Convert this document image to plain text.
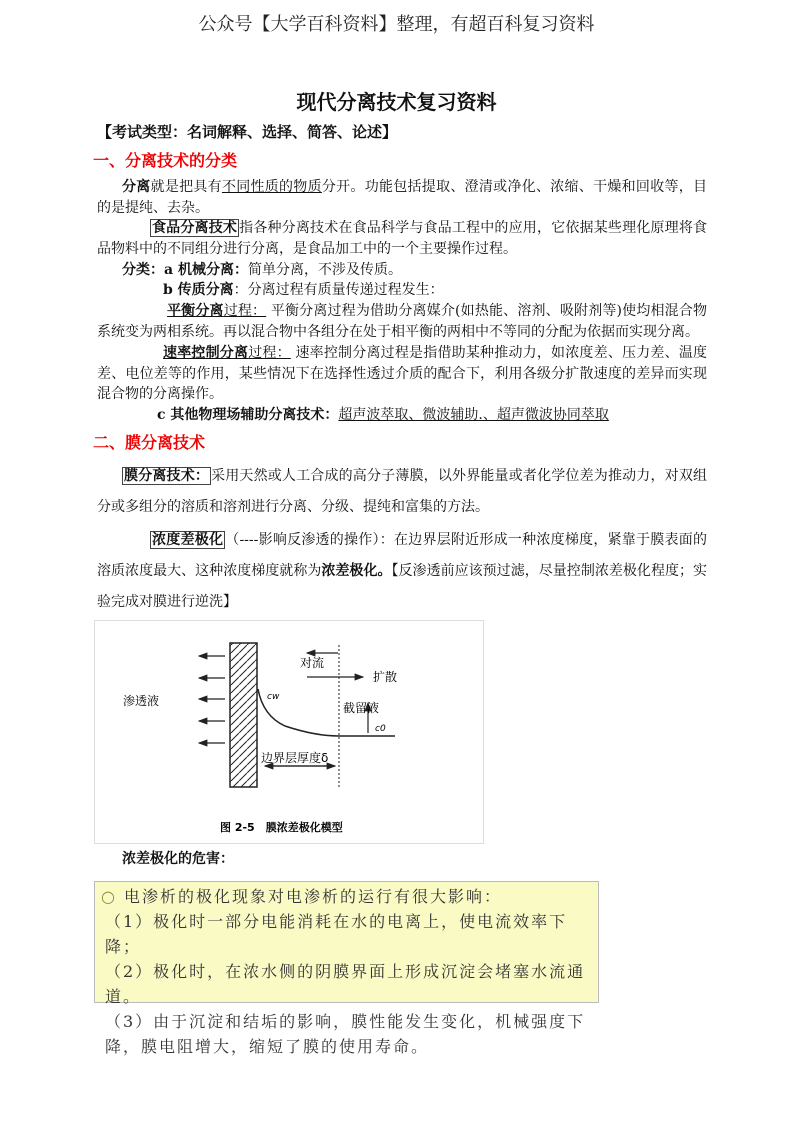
公众号【大学百科资料】整理，有超百科复习资料
现代分离技术复习资料
【考试类型：名词解释、选择、简答、论述】
一、分离技术的分类
分离就是把具有不同性质的物质分开。功能包括提取、澄清或净化、浓缩、干燥和回收等，目的是提纯、去杂。
食品分离技术 指各种分离技术在食品科学与食品工程中的应用，它依据某些理化原理将食品物料中的不同组分进行分离，是食品加工中的一个主要操作过程。
分类：a 机械分离：简单分离，不涉及传质。
b 传质分离：分离过程有质量传递过程发生：
平衡分离过程： 平衡分离过程为借助分离媒介(如热能、溶剂、吸附剂等)使均相混合物系统变为两相系统。再以混合物中各组分在处于相平衡的两相中不等同的分配为依据而实现分离。
速率控制分离过程： 速率控制分离过程是指借助某种推动力，如浓度差、压力差、温度差、电位差等的作用，某些情况下在选择性透过介质的配合下，利用各级分扩散速度的差异而实现混合物的分离操作。
c 其他物理场辅助分离技术：超声波萃取、微波辅助.、超声微波协同萃取
二、膜分离技术
膜分离技术： 采用天然或人工合成的高分子薄膜，以外界能量或者化学位差为推动力，对双组分或多组分的溶质和溶剂进行分离、分级、提纯和富集的方法。
浓度差极化 （----影响反渗透的操作）：在边界层附近形成一种浓度梯度，紧靠于膜表面的溶质浓度最大、这种浓度梯度就称为浓差极化。【反渗透前应该预过滤，尽量控制浓差极化程度；实验完成对膜进行逆洗】
渗透液
对流
扩散
截留液
cw
c0
边界层厚度δ
图 2-5　膜浓差极化模型
浓差极化的危害：
○ 电渗析的极化现象对电渗析的运行有很大影响：
（1）极化时一部分电能消耗在水的电离上，使电流效率下降；
（2）极化时，在浓水侧的阴膜界面上形成沉淀会堵塞水流通道。
（3）由于沉淀和结垢的影响，膜性能发生变化，机械强度下降，膜电阻增大，缩短了膜的使用寿命。
